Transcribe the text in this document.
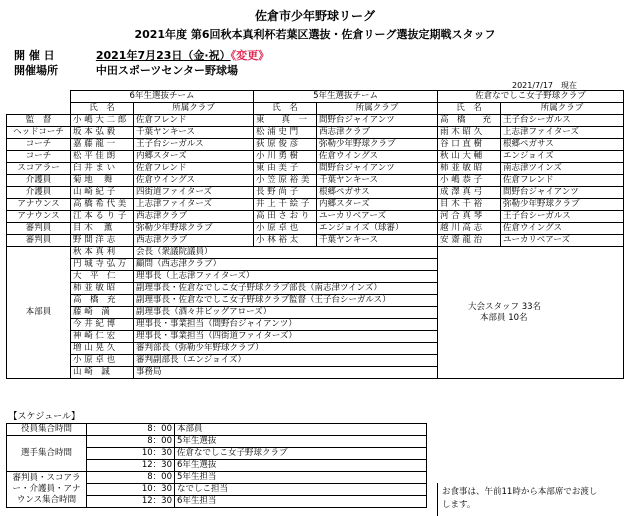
佐倉市少年野球リーグ
2021年度 第6回秋本真利杯若葉区選抜・佐倉リーグ選抜定期戦スタッフ
開 催 日	2021年7月23日（金·祝）《変更》
開催場所	中田スポーツセンター野球場
2021/7/17　現在
	6年生選抜チーム		5年生選抜チーム		佐倉なでしこ女子野球クラブ	
	氏　名	所属クラブ	氏　名	所属クラブ	氏　名	所属クラブ
監　督	小 嶋 大 二 郎	佐倉フレンド	東　　真　一	間野台ジャイアンツ	高　橋　　充	王子台シーガルス
ヘッドコーチ	坂 本 弘 毅	千葉ヤンキース	松 浦 史 門	西志津クラブ	雨 木 昭 久	上志津ファイターズ
コーチ	嘉 藤 龍 一	王子台シーガルス	荻 原 俊 彦	弥勒少年野球クラブ	谷 口 直 樹	根郷ペガサス
コーチ	松 平 佳 朗	内郷スターズ	小 川 勇 樹	佐倉ウイングス	秋 山 大 輔	エンジョイズ
スコアラー	臼 井 ま い	佐倉フレンド	東 由 美 子	間野台ジャイアンツ	柿 並 敏 昭	南志津ツインズ
介護員	菊 地　 舞	佐倉ウイングス	小 笠 原 裕 美	千葉ヤンキース	小 嶋 恭 子	佐倉フレンド
介護員	山 崎 紀 子	四街道ファイターズ	長 野 尚 子	根郷ペガサス	成 澤 真 弓	間野台ジャイアンツ
アナウンス	高 橋 希 代 美	上志津ファイターズ	井 上 千 絵 子	内郷スターズ	目 木 千 裕	弥勒少年野球クラブ
アナウンス	江 本 る り 子	西志津クラブ	高 田 さ お り	ユーカリベアーズ	河 合 真 琴	王子台シーガルス
審判員	目 木　 薫	弥勒少年野球クラブ	小 原 卓 也	エンジョイズ（球審）	越 川 高 志	佐倉ウイングス
審判員	野 間 洋 志	西志津クラブ	小 林 裕 太	千葉ヤンキース	安 齋 龍 治	ユーカリベアーズ
本部員	秋 本 真 利	会長（衆議院議員）			大会スタッフ 33名
本部員 10名	

	円 城 寺 弘 万	顧問（西志津クラブ）				
	大　平　仁	理事長（上志津ファイターズ）				
	柿 並 敏 昭	副理事長・佐倉なでしこ女子野球クラブ部長（南志津ツインズ）				
	高　橋　充	副理事長・佐倉なでしこ女子野球クラブ監督（王子台シーガルス）				
	藤 崎　満	副理事長（酒々井ビッグアローズ）				
	今 井 紀 博	理事長・事業担当（間野台ジャイアンツ）				
	神 崎 仁 宏	理事長・事業担当（四街道ファイターズ）				
	増 山 晃 久	審判部長（弥勒少年野球クラブ）				
	小 原 卓 也	審判副部長（エンジョイズ）				
	山 崎　誠	事務局				
【スケジュール】		
役員集合時間	8：00	本部員
選手集合時間	8：00	5年生選抜
	10：30	佐倉なでしこ女子野球クラブ
	12：30	6年生選抜
審判員・スコアラー・介護員・アナウンス集合時間	8：00	5年生担当
お食事は、午前11時から本部席でお渡しします。

	10：30	なでしこ担当
	12：30	6年生担当
